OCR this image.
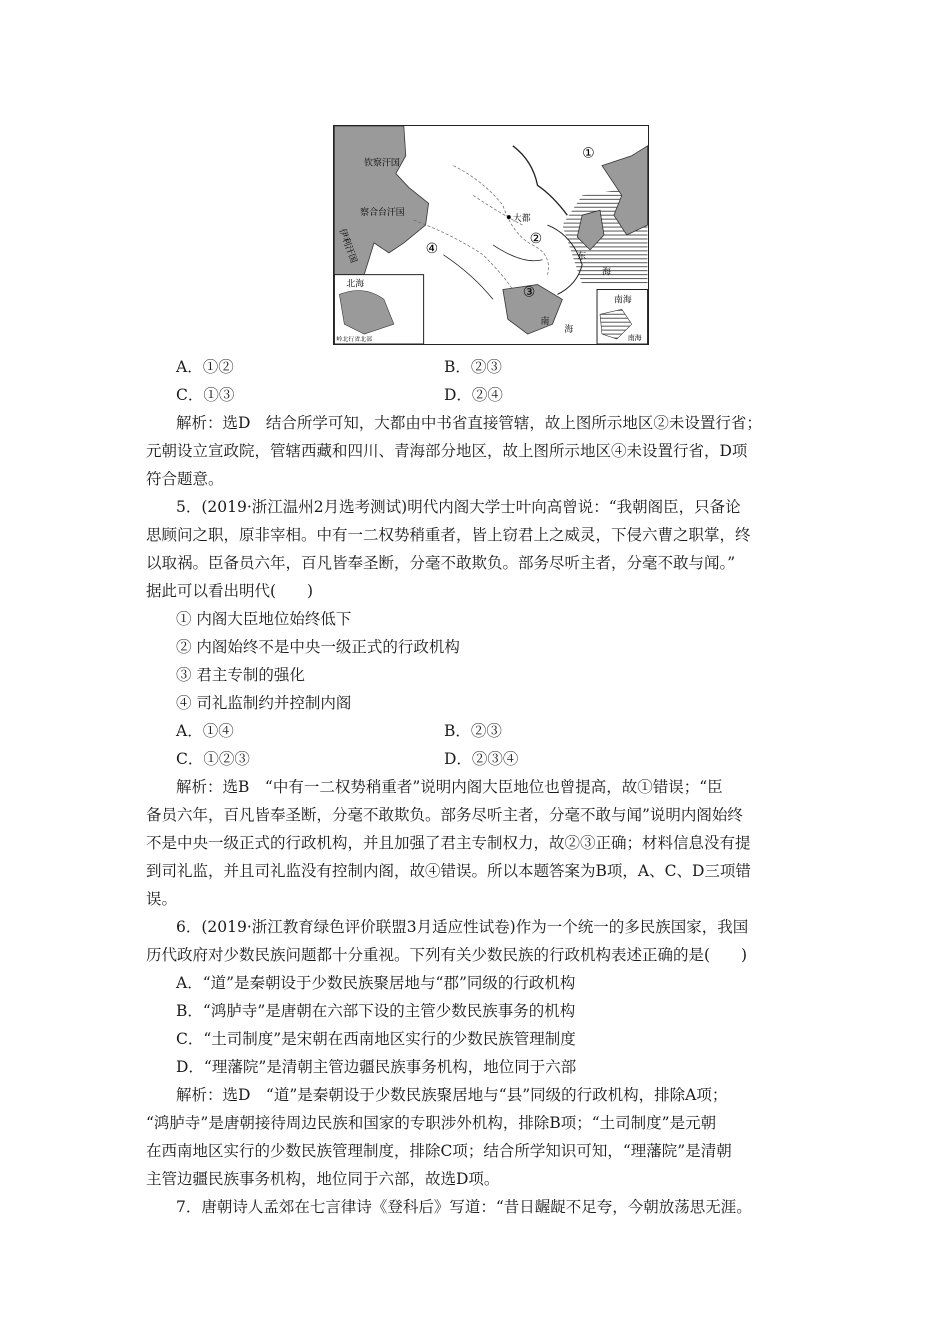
钦察汗国
察合台汗国
伊利汗国
大都
①
②
③
④	东
海
南
海
北海
岭北行省北部
南海
南海
A．①②	B．②③
C．①③	D．②④
解析：选D　结合所学可知，大都由中书省直接管辖，故上图所示地区②未设置行省；
元朝设立宣政院，管辖西藏和四川、青海部分地区，故上图所示地区④未设置行省，D项
符合题意。
5．(2019·浙江温州2月选考测试)明代内阁大学士叶向高曾说：“我朝阁臣，只备论
思顾问之职，原非宰相。中有一二权势稍重者，皆上窃君上之威灵，下侵六曹之职掌，终
以取祸。臣备员六年，百凡皆奉圣断，分毫不敢欺负。部务尽听主者，分毫不敢与闻。”
据此可以看出明代(　　)
① 内阁大臣地位始终低下
② 内阁始终不是中央一级正式的行政机构
③ 君主专制的强化
④ 司礼监制约并控制内阁
A．①④	B．②③
C．①②③	D．②③④
解析：选B　“中有一二权势稍重者”说明内阁大臣地位也曾提高，故①错误；“臣
备员六年，百凡皆奉圣断，分毫不敢欺负。部务尽听主者，分毫不敢与闻”说明内阁始终
不是中央一级正式的行政机构，并且加强了君主专制权力，故②③正确；材料信息没有提
到司礼监，并且司礼监没有控制内阁，故④错误。所以本题答案为B项，A、C、D三项错
误。
6．(2019·浙江教育绿色评价联盟3月适应性试卷)作为一个统一的多民族国家，我国
历代政府对少数民族问题都十分重视。下列有关少数民族的行政机构表述正确的是(　　)
A．“道”是秦朝设于少数民族聚居地与“郡”同级的行政机构
B．“鸿胪寺”是唐朝在六部下设的主管少数民族事务的机构
C．“土司制度”是宋朝在西南地区实行的少数民族管理制度
D．“理藩院”是清朝主管边疆民族事务机构，地位同于六部
解析：选D　“道”是秦朝设于少数民族聚居地与“县”同级的行政机构，排除A项；
“鸿胪寺”是唐朝接待周边民族和国家的专职涉外机构，排除B项；“土司制度”是元朝
在西南地区实行的少数民族管理制度，排除C项；结合所学知识可知，“理藩院”是清朝
主管边疆民族事务机构，地位同于六部，故选D项。
7．唐朝诗人孟郊在七言律诗《登科后》写道：“昔日龌龊不足夸，今朝放荡思无涯。
